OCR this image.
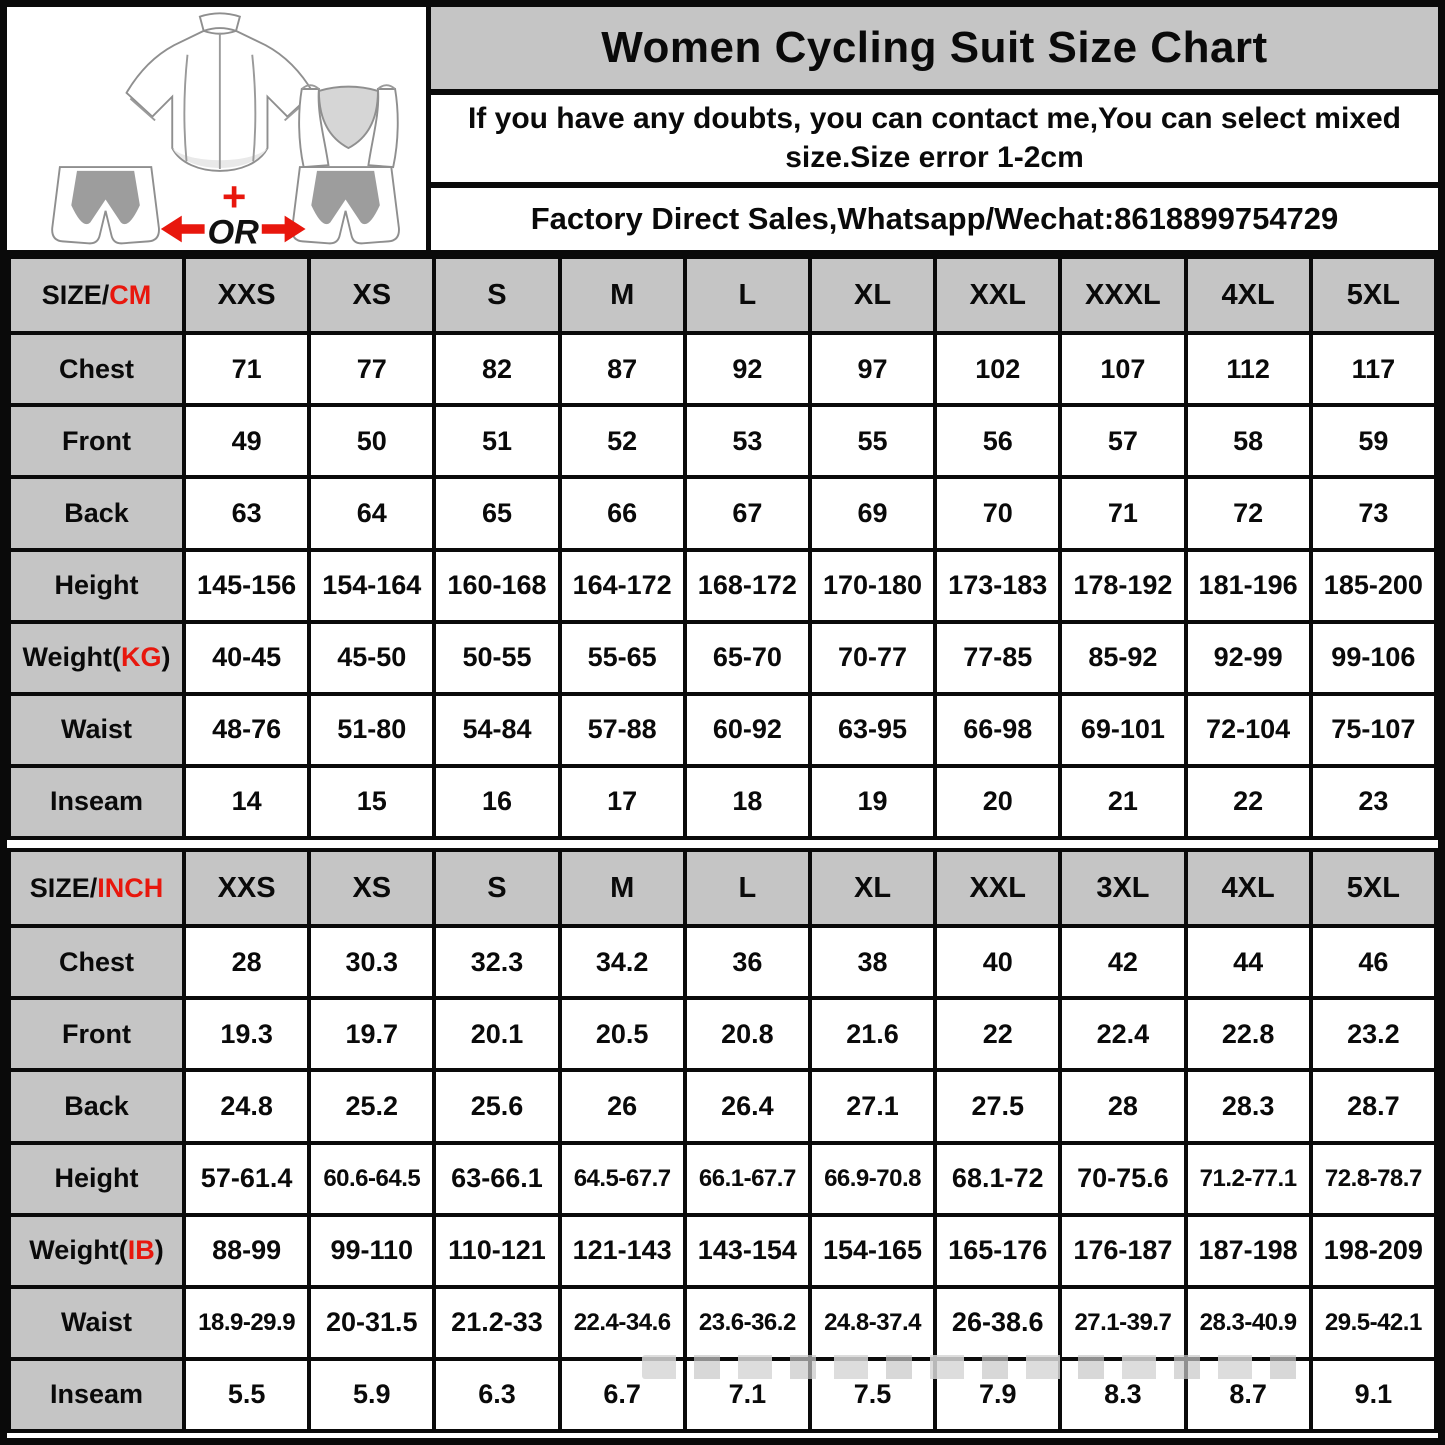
+
OR
Women Cycling Suit Size Chart
If you have any doubts, you can contact me,You can select mixed size.Size error 1-2cm
Factory Direct Sales,Whatsapp/Wechat:8618899754729
SIZE/CM	XXS	XS	S	M	L	XL	XXL	XXXL	4XL	5XL
Chest	71	77	82	87	92	97	102	107	112	117
Front	49	50	51	52	53	55	56	57	58	59
Back	63	64	65	66	67	69	70	71	72	73
Height	145-156	154-164	160-168	164-172	168-172	170-180	173-183	178-192	181-196	185-200
Weight(KG)	40-45	45-50	50-55	55-65	65-70	70-77	77-85	85-92	92-99	99-106
Waist	48-76	51-80	54-84	57-88	60-92	63-95	66-98	69-101	72-104	75-107
Inseam	14	15	16	17	18	19	20	21	22	23
SIZE/INCH	XXS	XS	S	M	L	XL	XXL	3XL	4XL	5XL
Chest	28	30.3	32.3	34.2	36	38	40	42	44	46
Front	19.3	19.7	20.1	20.5	20.8	21.6	22	22.4	22.8	23.2
Back	24.8	25.2	25.6	26	26.4	27.1	27.5	28	28.3	28.7
Height	57-61.4	60.6-64.5	63-66.1	64.5-67.7	66.1-67.7	66.9-70.8	68.1-72	70-75.6	71.2-77.1	72.8-78.7
Weight(IB)	88-99	99-110	110-121	121-143	143-154	154-165	165-176	176-187	187-198	198-209
Waist	18.9-29.9	20-31.5	21.2-33	22.4-34.6	23.6-36.2	24.8-37.4	26-38.6	27.1-39.7	28.3-40.9	29.5-42.1
Inseam	5.5	5.9	6.3	6.7	7.1	7.5	7.9	8.3	8.7	9.1
